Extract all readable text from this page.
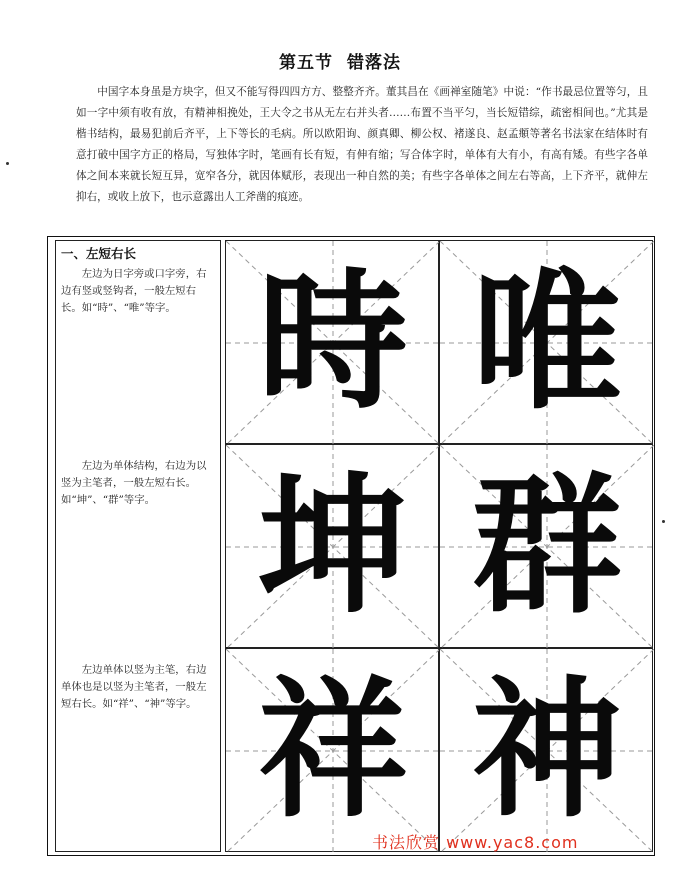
第五节 错落法
中国字本身虽是方块字，但又不能写得四四方方、整整齐齐。董其昌在《画禅室随笔》中说：“作书最忌位置等匀，且如一字中须有收有放，有精神相挽处，王大令之书从无左右并头者……布置不当平匀，当长短错综，疏密相间也。”尤其是楷书结构，最易犯前后齐平，上下等长的毛病。所以欧阳询、颜真卿、柳公权、褚遂良、赵孟頫等著名书法家在结体时有意打破中国字方正的格局，写独体字时，笔画有长有短，有伸有缩；写合体字时，单体有大有小，有高有矮。有些字各单体之间本来就长短互异，宽窄各分，就因体赋形，表现出一种自然的美；有些字各单体之间左右等高，上下齐平，就伸左抑右，或收上放下，也示意露出人工斧凿的痕迹。
一、左短右长
左边为日字旁或口字旁，右边有竖或竖钩者，一般左短右长。如“時”、“唯”等字。
左边为单体结构，右边为以竖为主笔者，一般左短右长。如“坤”、“群”等字。
左边单体以竖为主笔，右边单体也是以竖为主笔者，一般左短右长。如“祥”、“神”等字。
時 唯
坤 群
祥 神
书法欣赏 www.yac8.com
